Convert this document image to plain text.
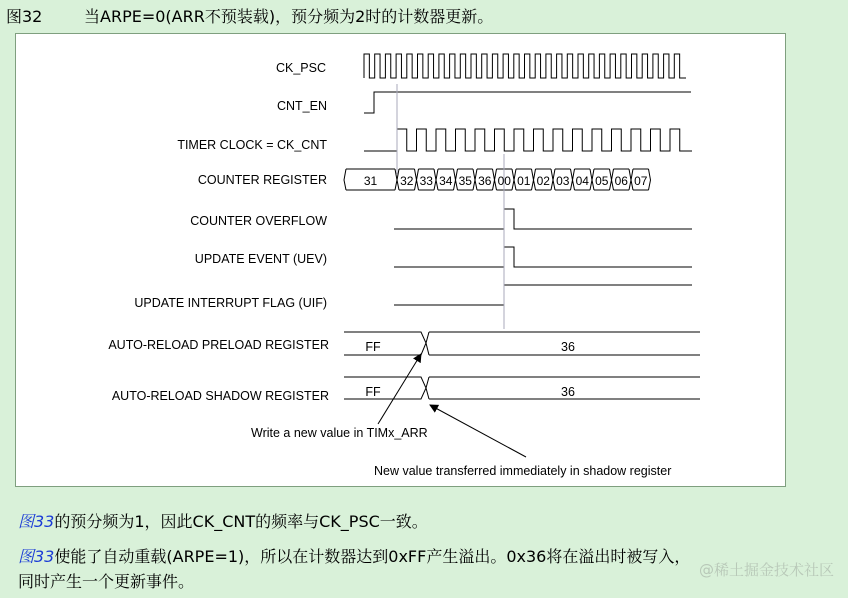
图32	当ARPE=0(ARR不预装载)，预分频为2时的计数器更新。
CK_PSC
CNT_EN
TIMER CLOCK = CK_CNT
COUNTER REGISTER
COUNTER OVERFLOW
UPDATE EVENT (UEV)
UPDATE INTERRUPT FLAG (UIF)
AUTO-RELOAD PRELOAD REGISTER
AUTO-RELOAD SHADOW REGISTER
31 32 33 34 35 36 00 01 02 03 04 05 06 07
FF	36
FF	36
Write a new value in TIMx_ARR
New value transferred immediately in shadow register
图33的预分频为1，因此CK_CNT的频率与CK_PSC一致。
图33使能了自动重载(ARPE=1)，所以在计数器达到0xFF产生溢出。0x36将在溢出时被写入，
同时产生一个更新事件。
@稀土掘金技术社区
